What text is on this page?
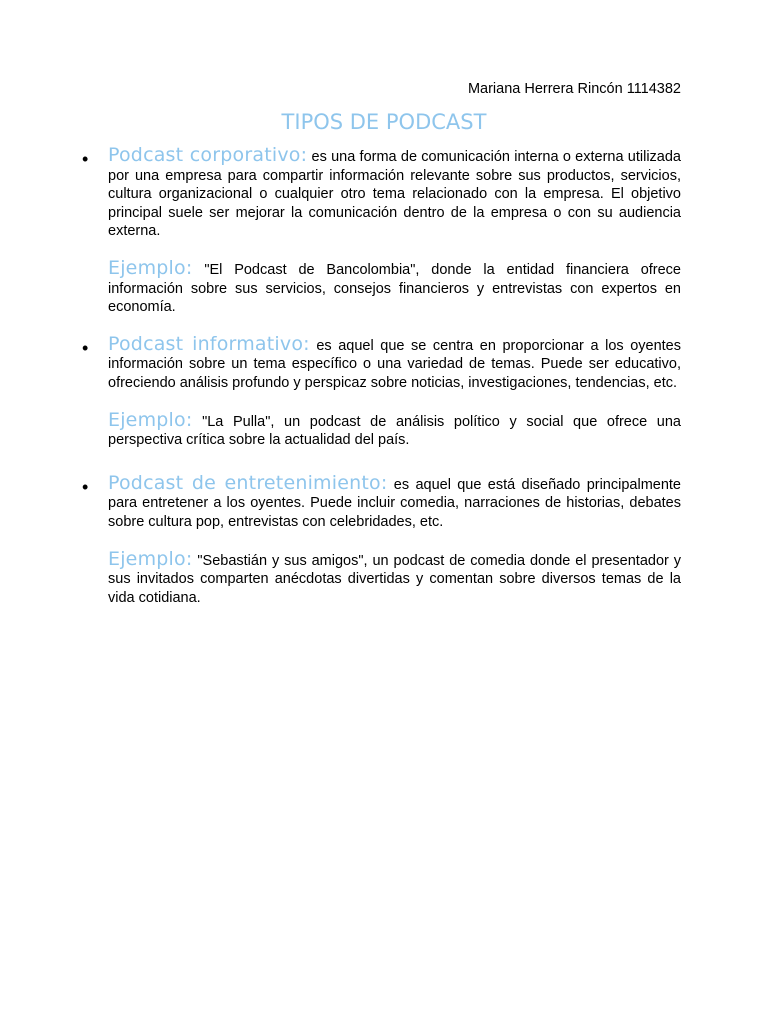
Mariana Herrera Rincón 1114382
TIPOS DE PODCAST
• Podcast corporativo: es una forma de comunicación interna o externa utilizada por una empresa para compartir información relevante sobre sus productos, servicios, cultura organizacional o cualquier otro tema relacionado con la empresa. El objetivo principal suele ser mejorar la comunicación dentro de la empresa o con su audiencia externa.

Ejemplo: "El Podcast de Bancolombia", donde la entidad financiera ofrece información sobre sus servicios, consejos financieros y entrevistas con expertos en economía.

• Podcast informativo: es aquel que se centra en proporcionar a los oyentes información sobre un tema específico o una variedad de temas. Puede ser educativo, ofreciendo análisis profundo y perspicaz sobre noticias, investigaciones, tendencias, etc.

Ejemplo: "La Pulla", un podcast de análisis político y social que ofrece una perspectiva crítica sobre la actualidad del país.

• Podcast de entretenimiento: es aquel que está diseñado principalmente para entretener a los oyentes. Puede incluir comedia, narraciones de historias, debates sobre cultura pop, entrevistas con celebridades, etc.

Ejemplo: "Sebastián y sus amigos", un podcast de comedia donde el presentador y sus invitados comparten anécdotas divertidas y comentan sobre diversos temas de la vida cotidiana.
